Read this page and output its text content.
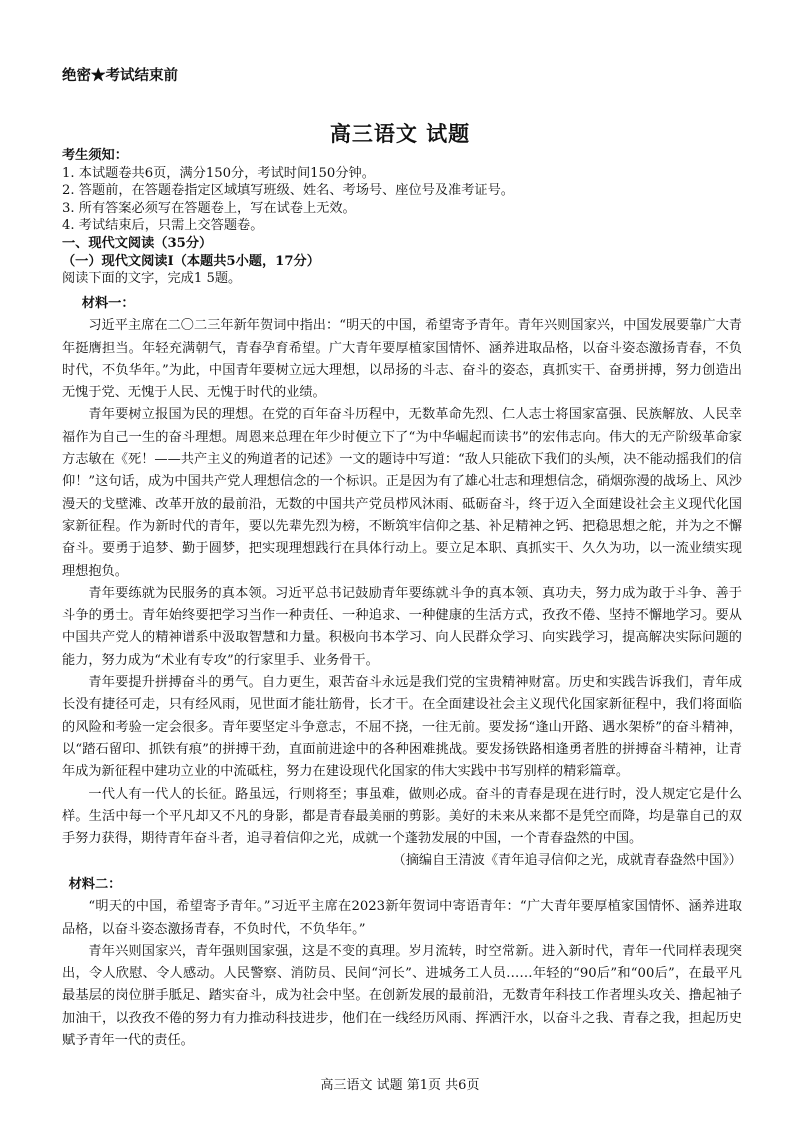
绝密★考试结束前
高三语文 试题
考生须知：
1. 本试题卷共6页，满分150分，考试时间150分钟。
2. 答题前，在答题卷指定区域填写班级、姓名、考场号、座位号及准考证号。
3. 所有答案必须写在答题卷上，写在试卷上无效。
4. 考试结束后，只需上交答题卷。
一、现代文阅读（35分）
（一）现代文阅读Ⅰ（本题共5小题，17分）
阅读下面的文字，完成1 5题。
材料一：

习近平主席在二〇二三年新年贺词中指出：“明天的中国，希望寄予青年。青年兴则国家兴，中国发展要靠广大青年挺膺担当。年轻充满朝气，青春孕育希望。广大青年要厚植家国情怀、涵养进取品格，以奋斗姿态激扬青春，不负时代，不负华年。”为此，中国青年要树立远大理想，以昂扬的斗志、奋斗的姿态，真抓实干、奋勇拼搏，努力创造出无愧于党、无愧于人民、无愧于时代的业绩。

青年要树立报国为民的理想。在党的百年奋斗历程中，无数革命先烈、仁人志士将国家富强、民族解放、人民幸福作为自己一生的奋斗理想。周恩来总理在年少时便立下了“为中华崛起而读书”的宏伟志向。伟大的无产阶级革命家方志敏在《死！——共产主义的殉道者的记述》一文的题诗中写道：“敌人只能砍下我们的头颅，决不能动摇我们的信仰！”这句话，成为中国共产党人理想信念的一个标识。正是因为有了雄心壮志和理想信念，硝烟弥漫的战场上、风沙漫天的戈壁滩、改革开放的最前沿，无数的中国共产党员栉风沐雨、砥砺奋斗，终于迈入全面建设社会主义现代化国家新征程。作为新时代的青年，要以先辈先烈为榜，不断筑牢信仰之基、补足精神之钙、把稳思想之舵，并为之不懈奋斗。要勇于追梦、勤于圆梦，把实现理想践行在具体行动上。要立足本职、真抓实干、久久为功，以一流业绩实现理想抱负。

青年要练就为民服务的真本领。习近平总书记鼓励青年要练就斗争的真本领、真功夫，努力成为敢于斗争、善于斗争的勇士。青年始终要把学习当作一种责任、一种追求、一种健康的生活方式，孜孜不倦、坚持不懈地学习。要从中国共产党人的精神谱系中汲取智慧和力量。积极向书本学习、向人民群众学习、向实践学习，提高解决实际问题的能力，努力成为“术业有专攻”的行家里手、业务骨干。

青年要提升拼搏奋斗的勇气。自力更生，艰苦奋斗永远是我们党的宝贵精神财富。历史和实践告诉我们，青年成长没有捷径可走，只有经风雨，见世面才能壮筋骨，长才干。在全面建设社会主义现代化国家新征程中，我们将面临的风险和考验一定会很多。青年要坚定斗争意志，不屈不挠，一往无前。要发扬“逢山开路、遇水架桥”的奋斗精神，以“踏石留印、抓铁有痕”的拼搏干劲，直面前进途中的各种困难挑战。要发扬铁路相逢勇者胜的拼搏奋斗精神，让青年成为新征程中建功立业的中流砥柱，努力在建设现代化国家的伟大实践中书写别样的精彩篇章。

一代人有一代人的长征。路虽远，行则将至；事虽难，做则必成。奋斗的青春是现在进行时，没人规定它是什么样。生活中每一个平凡却又不凡的身影，都是青春最美丽的剪影。美好的未来从来都不是凭空而降，均是靠自己的双手努力获得，期待青年奋斗者，追寻着信仰之光，成就一个蓬勃发展的中国，一个青春盎然的中国。

（摘编自王清波《青年追寻信仰之光，成就青春盎然中国》）
材料二：

“明天的中国，希望寄予青年。”习近平主席在2023新年贺词中寄语青年：“广大青年要厚植家国情怀、涵养进取品格，以奋斗姿态激扬青春，不负时代，不负华年。”

青年兴则国家兴，青年强则国家强，这是不变的真理。岁月流转，时空常新。进入新时代，青年一代同样表现突出，令人欣慰、令人感动。人民警察、消防员、民间“河长”、进城务工人员……年轻的“90后”和“00后”，在最平凡最基层的岗位胼手胝足、踏实奋斗，成为社会中坚。在创新发展的最前沿，无数青年科技工作者埋头攻关、撸起袖子加油干，以孜孜不倦的努力有力推动科技进步，他们在一线经历风雨、挥洒汗水，以奋斗之我、青春之我，担起历史赋予青年一代的责任。

高三语文 试题 第1页 共6页
